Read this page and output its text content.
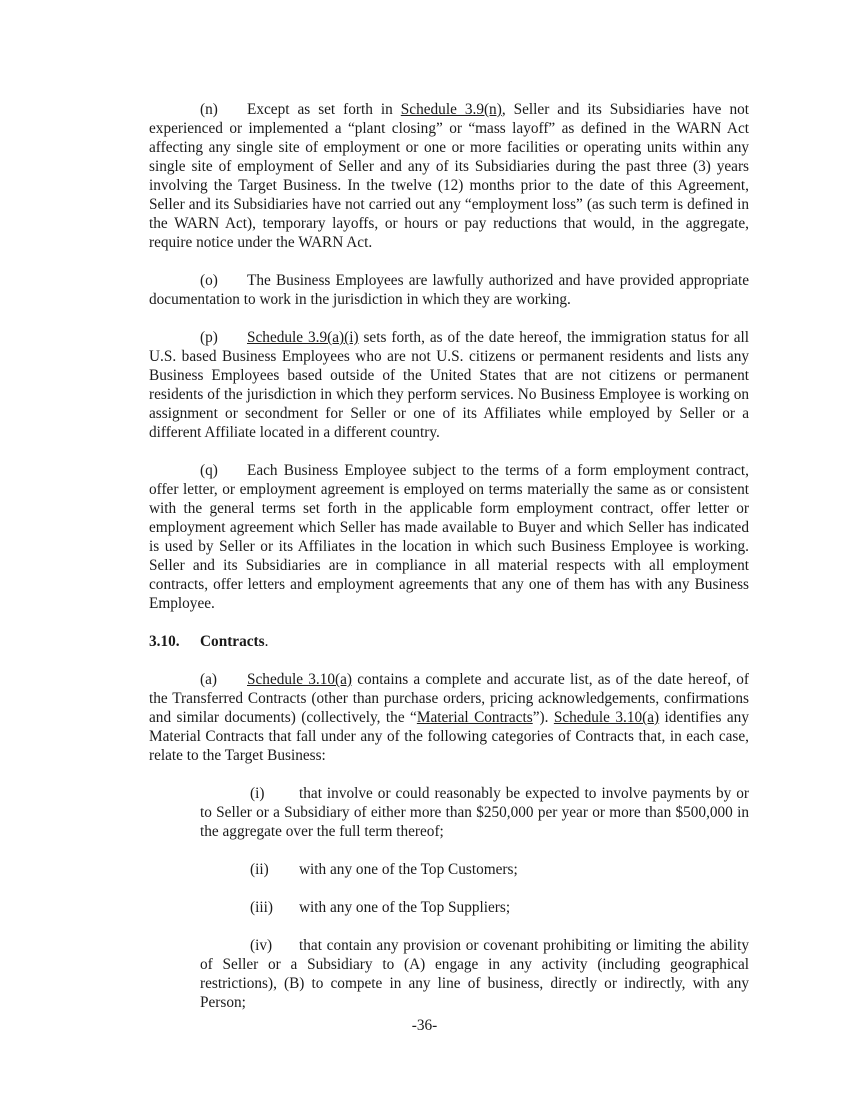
(n) Except as set forth in Schedule 3.9(n), Seller and its Subsidiaries have not experienced or implemented a “plant closing” or “mass layoff” as defined in the WARN Act affecting any single site of employment or one or more facilities or operating units within any single site of employment of Seller and any of its Subsidiaries during the past three (3) years involving the Target Business. In the twelve (12) months prior to the date of this Agreement, Seller and its Subsidiaries have not carried out any “employment loss” (as such term is defined in the WARN Act), temporary layoffs, or hours or pay reductions that would, in the aggregate, require notice under the WARN Act.

(o) The Business Employees are lawfully authorized and have provided appropriate documentation to work in the jurisdiction in which they are working.

(p) Schedule 3.9(a)(i) sets forth, as of the date hereof, the immigration status for all U.S. based Business Employees who are not U.S. citizens or permanent residents and lists any Business Employees based outside of the United States that are not citizens or permanent residents of the jurisdiction in which they perform services. No Business Employee is working on assignment or secondment for Seller or one of its Affiliates while employed by Seller or a different Affiliate located in a different country.

(q) Each Business Employee subject to the terms of a form employment contract, offer letter, or employment agreement is employed on terms materially the same as or consistent with the general terms set forth in the applicable form employment contract, offer letter or employment agreement which Seller has made available to Buyer and which Seller has indicated is used by Seller or its Affiliates in the location in which such Business Employee is working. Seller and its Subsidiaries are in compliance in all material respects with all employment contracts, offer letters and employment agreements that any one of them has with any Business Employee.

3.10. Contracts.

(a) Schedule 3.10(a) contains a complete and accurate list, as of the date hereof, of the Transferred Contracts (other than purchase orders, pricing acknowledgements, confirmations and similar documents) (collectively, the “Material Contracts”). Schedule 3.10(a) identifies any Material Contracts that fall under any of the following categories of Contracts that, in each case, relate to the Target Business:

(i) that involve or could reasonably be expected to involve payments by or to Seller or a Subsidiary of either more than $250,000 per year or more than $500,000 in the aggregate over the full term thereof;

(ii) with any one of the Top Customers;

(iii) with any one of the Top Suppliers;

(iv) that contain any provision or covenant prohibiting or limiting the ability of Seller or a Subsidiary to (A) engage in any activity (including geographical restrictions), (B) to compete in any line of business, directly or indirectly, with any Person;

-36-
